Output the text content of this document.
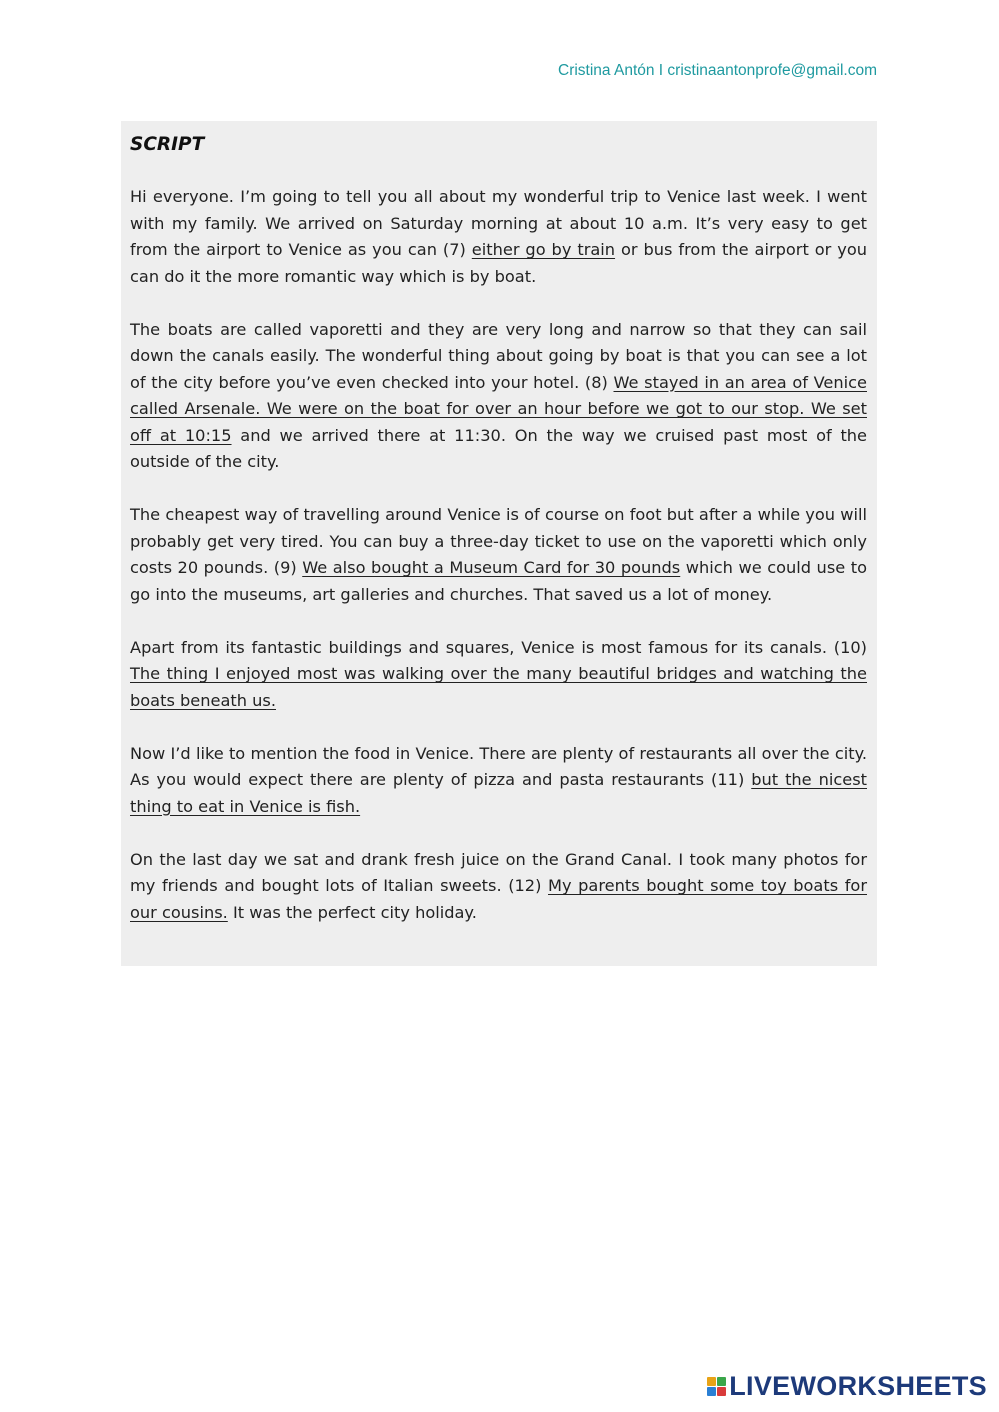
Cristina Antón I cristinaantonprofe@gmail.com
SCRIPT

Hi everyone. I’m going to tell you all about my wonderful trip to Venice last week. I went with my family. We arrived on Saturday morning at about 10 a.m. It’s very easy to get from the airport to Venice as you can (7) either go by train or bus from the airport or you can do it the more romantic way which is by boat.

The boats are called vaporetti and they are very long and narrow so that they can sail down the canals easily. The wonderful thing about going by boat is that you can see a lot of the city before you’ve even checked into your hotel. (8) We stayed in an area of Venice called Arsenale. We were on the boat for over an hour before we got to our stop. We set off at 10:15 and we arrived there at 11:30. On the way we cruised past most of the outside of the city.

The cheapest way of travelling around Venice is of course on foot but after a while you will probably get very tired. You can buy a three-day ticket to use on the vaporetti which only costs 20 pounds. (9) We also bought a Museum Card for 30 pounds which we could use to go into the museums, art galleries and churches. That saved us a lot of money.

Apart from its fantastic buildings and squares, Venice is most famous for its canals. (10) The thing I enjoyed most was walking over the many beautiful bridges and watching the boats beneath us.

Now I’d like to mention the food in Venice. There are plenty of restaurants all over the city. As you would expect there are plenty of pizza and pasta restaurants (11) but the nicest thing to eat in Venice is fish.

On the last day we sat and drank fresh juice on the Grand Canal. I took many photos for my friends and bought lots of Italian sweets. (12) My parents bought some toy boats for our cousins. It was the perfect city holiday.

LIVEWORKSHEETS
